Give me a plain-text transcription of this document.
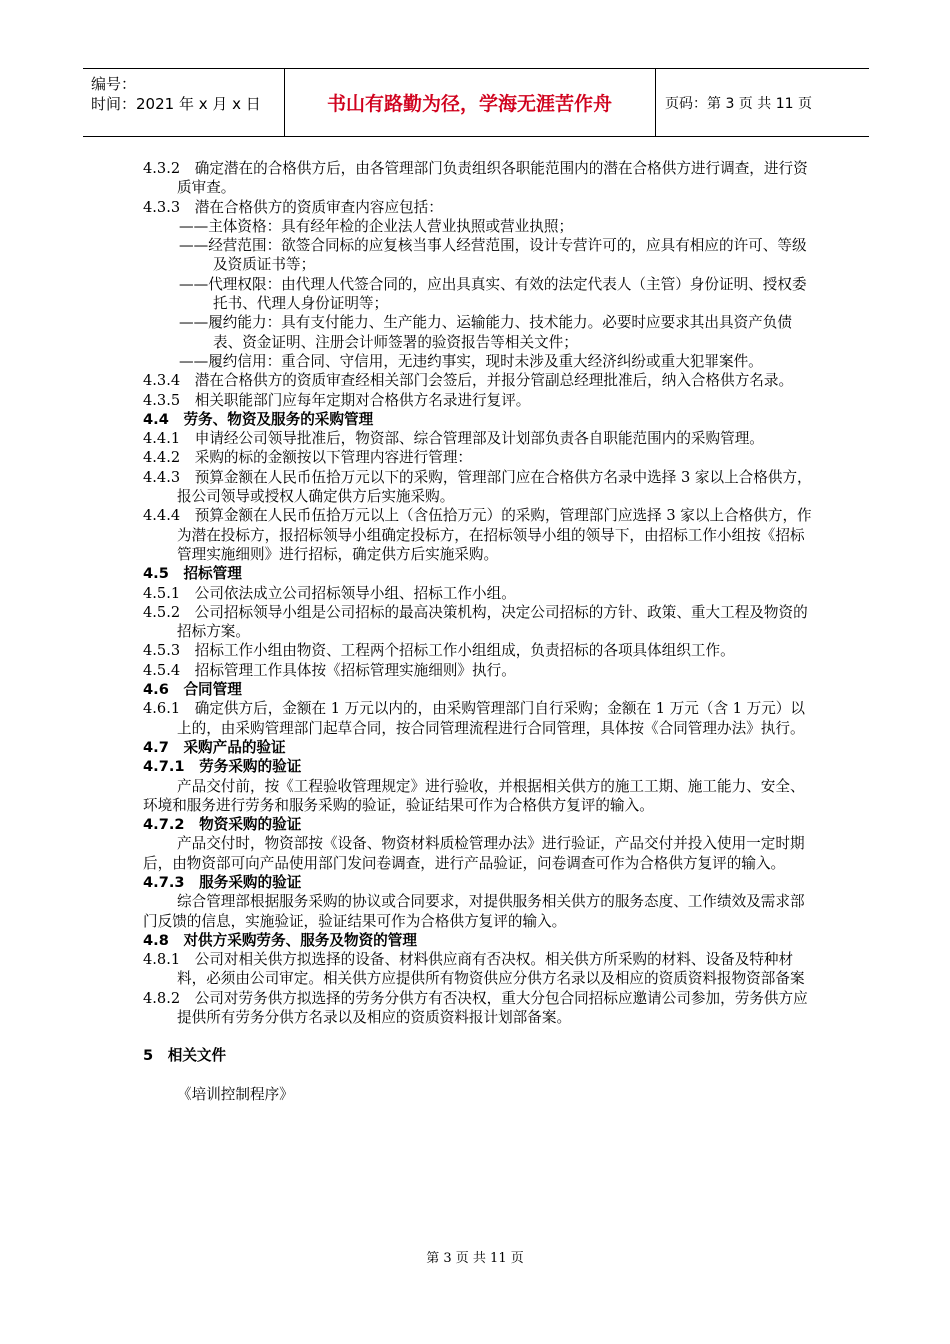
编号：
时间：2021 年 x 月 x 日	书山有路勤为径，学海无涯苦作舟	页码：第 3 页 共 11 页

4.3.2　确定潜在的合格供方后，由各管理部门负责组织各职能范围内的潜在合格供方进行调查，进行资质审查。

4.3.3　潜在合格供方的资质审查内容应包括：

——主体资格：具有经年检的企业法人营业执照或营业执照；

——经营范围：欲签合同标的应复核当事人经营范围，设计专营许可的，应具有相应的许可、等级及资质证书等；

——代理权限：由代理人代签合同的，应出具真实、有效的法定代表人（主管）身份证明、授权委托书、代理人身份证明等；

——履约能力：具有支付能力、生产能力、运输能力、技术能力。必要时应要求其出具资产负债表、资金证明、注册会计师签署的验资报告等相关文件；

——履约信用：重合同、守信用，无违约事实，现时未涉及重大经济纠纷或重大犯罪案件。

4.3.4　潜在合格供方的资质审查经相关部门会签后，并报分管副总经理批准后，纳入合格供方名录。

4.3.5　相关职能部门应每年定期对合格供方名录进行复评。

4.4　劳务、物资及服务的采购管理

4.4.1　申请经公司领导批准后，物资部、综合管理部及计划部负责各自职能范围内的采购管理。

4.4.2　采购的标的金额按以下管理内容进行管理：

4.4.3　预算金额在人民币伍拾万元以下的采购，管理部门应在合格供方名录中选择 3 家以上合格供方，报公司领导或授权人确定供方后实施采购。

4.4.4　预算金额在人民币伍拾万元以上（含伍拾万元）的采购，管理部门应选择 3 家以上合格供方，作为潜在投标方，报招标领导小组确定投标方，在招标领导小组的领导下，由招标工作小组按《招标管理实施细则》进行招标，确定供方后实施采购。

4.5　招标管理

4.5.1　公司依法成立公司招标领导小组、招标工作小组。

4.5.2　公司招标领导小组是公司招标的最高决策机构，决定公司招标的方针、政策、重大工程及物资的招标方案。

4.5.3　招标工作小组由物资、工程两个招标工作小组组成，负责招标的各项具体组织工作。

4.5.4　招标管理工作具体按《招标管理实施细则》执行。

4.6　合同管理

4.6.1　确定供方后，金额在 1 万元以内的，由采购管理部门自行采购；金额在 1 万元（含 1 万元）以上的，由采购管理部门起草合同，按合同管理流程进行合同管理，具体按《合同管理办法》执行。

4.7　采购产品的验证

4.7.1　劳务采购的验证

产品交付前，按《工程验收管理规定》进行验收，并根据相关供方的施工工期、施工能力、安全、环境和服务进行劳务和服务采购的验证，验证结果可作为合格供方复评的输入。

4.7.2　物资采购的验证

产品交付时，物资部按《设备、物资材料质检管理办法》进行验证，产品交付并投入使用一定时期后，由物资部可向产品使用部门发问卷调查，进行产品验证，问卷调查可作为合格供方复评的输入。

4.7.3　服务采购的验证

综合管理部根据服务采购的协议或合同要求，对提供服务相关供方的服务态度、工作绩效及需求部门反馈的信息，实施验证，验证结果可作为合格供方复评的输入。

4.8　对供方采购劳务、服务及物资的管理

4.8.1　公司对相关供方拟选择的设备、材料供应商有否决权。相关供方所采购的材料、设备及特种材料，必须由公司审定。相关供方应提供所有物资供应分供方名录以及相应的资质资料报物资部备案

4.8.2　公司对劳务供方拟选择的劳务分供方有否决权，重大分包合同招标应邀请公司参加，劳务供方应提供所有劳务分供方名录以及相应的资质资料报计划部备案。

5　相关文件

《培训控制程序》

第 3 页 共 11 页
